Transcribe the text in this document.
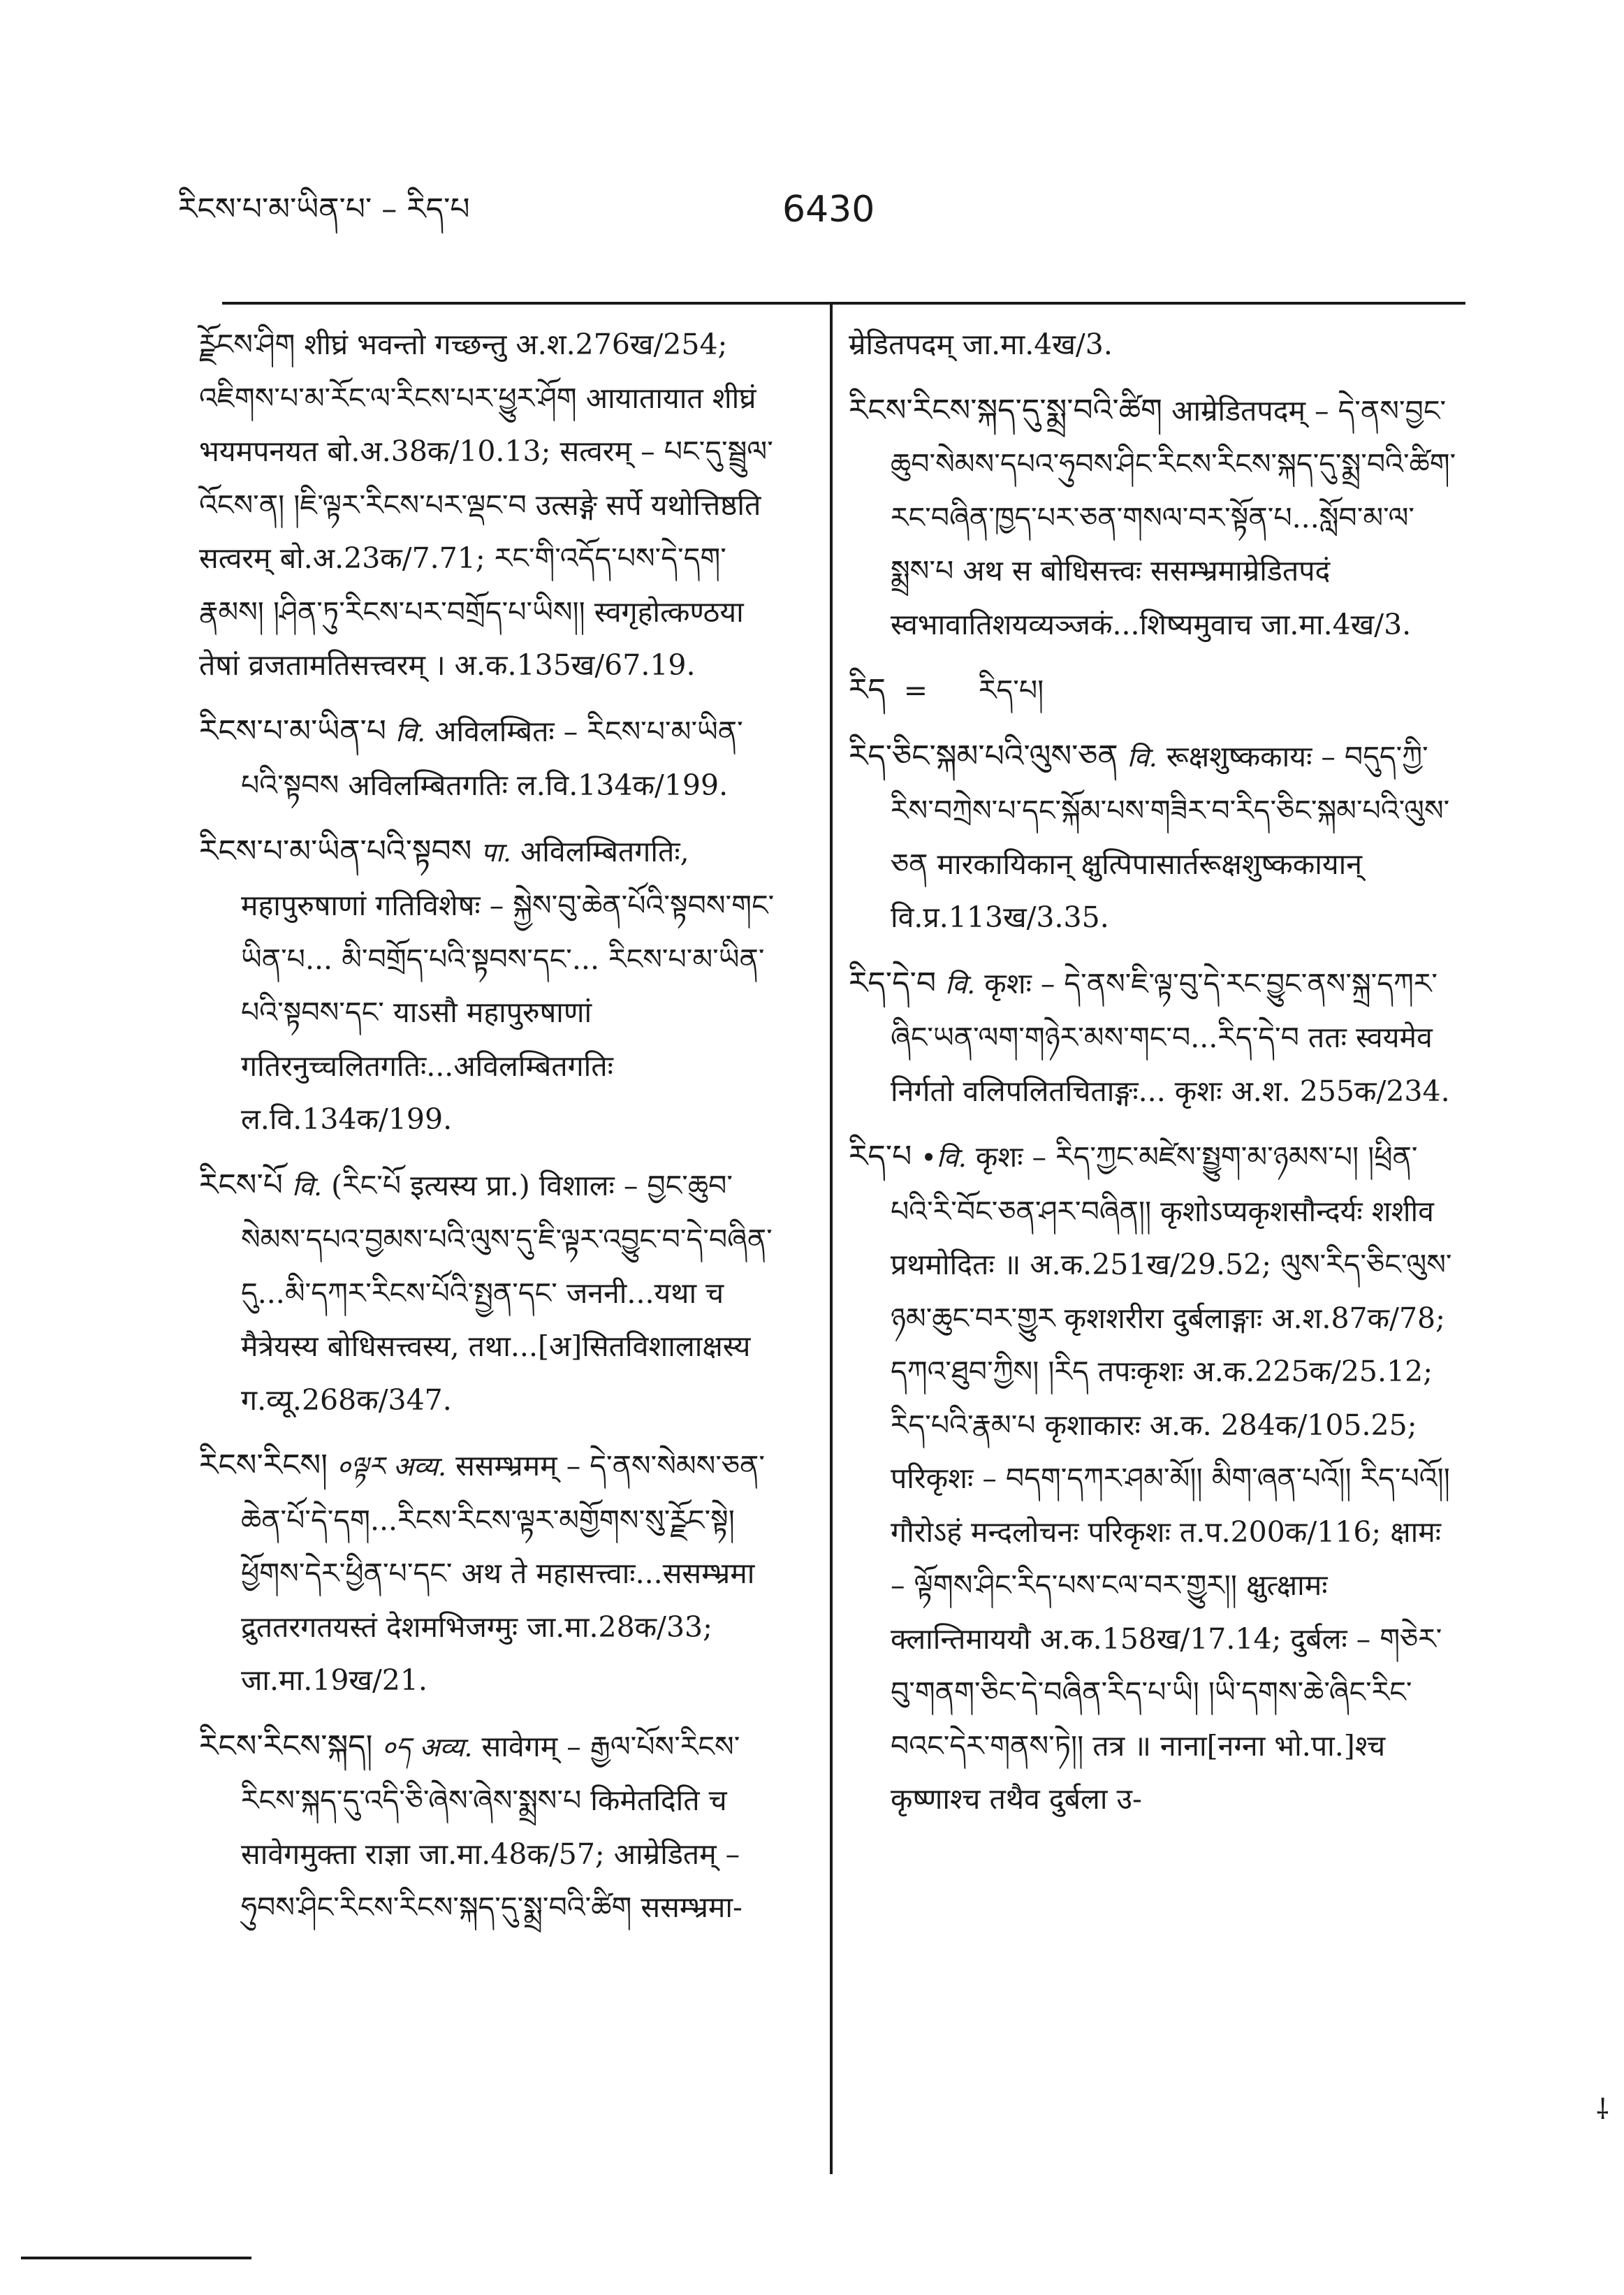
རིངས་པ་མ་ཡིན་པ་ – རིད་པ	6430

ཪྫོངས་ཤིག शीघ्रं भवन्तो गच्छन्तु अ.श.276ख/254; འཇིགས་པ་མ་རོང་ལ་རིངས་པར་ཕྱུར་ཤོག आयातायात शीघ्रं भयमपनयत बो.अ.38क/10.13; सत्वरम् – པང་དུ་སྦྲུལ་འོངས་ན། །ཇི་ལྟར་རིངས་པར་ལྡང་བ उत्सङ्गे सर्पे यथोत्तिष्ठति सत्वरम् बो.अ.23क/7.71; རང་གི་འདོད་པས་དེ་དག་རྣམས། །ཤིན་ཏུ་རིངས་པར་བགྲོད་པ་ཡིས།། स्वगृहोत्कण्ठया तेषां व्रजतामतिसत्त्वरम् । अ.क.135ख/67.19.

རིངས་པ་མ་ཡིན་པ वि. अविलम्बितः – རིངས་པ་མ་ཡིན་པའི་སྟབས अविलम्बितगतिः ल.वि.134क/199.

རིངས་པ་མ་ཡིན་པའི་སྟབས पा. अविलम्बितगतिः, महापुरुषाणां गतिविशेषः – སྐྱེས་བུ་ཆེན་པོའི་སྟབས་གང་ཡིན་པ... མི་བགྲོད་པའི་སྟབས་དང་... རིངས་པ་མ་ཡིན་པའི་སྟབས་དང་ याऽसौ महापुरुषाणां गतिरनुच्चलितगतिः...अविलम्बितगतिः ल.वि.134क/199.

རིངས་པོ वि. (རིང་པོ इत्यस्य प्रा.) विशालः – བྱང་ཆུབ་སེམས་དཔའ་བྱམས་པའི་ལུས་དུ་ཇི་ལྟར་འབྱུང་བ་དེ་བཞིན་དུ...མི་དཀར་རིངས་པོའི་སྤྱན་དང་ जननी...यथा च मैत्रेयस्य बोधिसत्त्वस्य, तथा...[अ]सितविशालाक्षस्य ग.व्यू.268क/347.

རིངས་རིངས། ०ལྟར अव्य. ससम्भ्रमम् – དེ་ནས་སེམས་ཅན་ཆེན་པོ་དེ་དག...རིངས་རིངས་ལྟར་མགྱོགས་སུ་ཪྫོང་སྟེ། ཕྱོགས་དེར་ཕྱིན་པ་དང་ अथ ते महासत्त्वाः...ससम्भ्रमा द्रुततरगतयस्तं देशमभिजग्मुः जा.मा.28क/33; जा.मा.19ख/21.

རིངས་རིངས་སྐད། ०ད अव्य. सावेगम् – རྒྱལ་པོས་རིངས་རིངས་སྐད་དུ་འདི་ཅི་ཞེས་ཞེས་སྨྲས་པ किमेतदिति च सावेगमुक्ता राज्ञा जा.मा.48क/57; आम्रेडितम् – ཧུབས་ཤིང་རིངས་རིངས་སྐད་དུ་སྨྲ་བའི་ཚིག ससम्भ्रमा-

म्रेडितपदम् जा.मा.4ख/3.

རིངས་རིངས་སྐད་དུ་སྨྲ་བའི་ཚིག आम्रेडितपदम् – དེ་ནས་བྱང་ཆུབ་སེམས་དཔའ་ཧུབས་ཤིང་རིངས་རིངས་སྐད་དུ་སྨྲ་བའི་ཚིག་རང་བཞིན་ཁྱད་པར་ཅན་གསལ་བར་སྟོན་པ...སློབ་མ་ལ་སྨྲས་པ अथ स बोधिसत्त्वः ससम्भ्रमाम्रेडितपदं स्वभावातिशयव्यञ्जकं...शिष्यमुवाच जा.मा.4ख/3.

རིད = རིད་པ།

རིད་ཅིང་སྐམ་པའི་ལུས་ཅན वि. रूक्षशुष्ककायः – བདུད་ཀྱི་རིས་བཀྲེས་པ་དང་སྐོམ་པས་གཟིར་བ་རིད་ཅིང་སྐམ་པའི་ལུས་ཅན मारकायिकान् क्षुत्पिपासार्तरूक्षशुष्ककायान् वि.प्र.113ख/3.35.

རིད་དེ་བ वि. कृशः – དེ་ནས་ཇི་ལྟ་བུ་དེ་རང་བྱུང་ནས་སྐྲ་དཀར་ཞིང་ཡན་ལག་གཉེར་མས་གང་བ...རིད་དེ་བ ततः स्वयमेव निर्गतो वलिपलितचिताङ्गः... कृशः अ.श. 255क/234.

རིད་པ •वि. कृशः – རིད་ཀྱང་མཛེས་སྤྱུག་མ་ཉམས་པ། །ཕྲིན་པའི་རི་བོང་ཅན་ཤར་བཞིན།། कृशोऽप्यकृशसौन्दर्यः शशीव प्रथमोदितः ॥ अ.क.251ख/29.52; ལུས་རིད་ཅིང་ལུས་ཉམ་ཆུང་བར་གྱུར कृशशरीरा दुर्बलाङ्गाः अ.श.87क/78; དཀའ་ཐུབ་ཀྱིས། །རིད तपःकृशः अ.क.225क/25.12; རིད་པའི་རྣམ་པ कृशाकारः अ.क. 284क/105.25; परिकृशः – བདག་དཀར་ཤམ་མོ།། མིག་ཞན་པའོ།། རིད་པའོ།། गौरोऽहं मन्दलोचनः परिकृशः त.प.200क/116; क्षामः – ལྟོགས་ཤིང་རིད་པས་ངལ་བར་གྱུར།། क्षुत्क्षामः क्लान्तिमाययौ अ.क.158ख/17.14; दुर्बलः – གཅེར་བུ་གནག་ཅིང་དེ་བཞིན་རིད་པ་ཡི། །ཡི་དགས་ཆེ་ཞིང་རིང་བའང་དེར་གནས་ཏེ།། तत्र ॥ नाना[नग्ना भो.पा.]श्च कृष्णाश्च तथैव दुर्बला उ-

⸸
